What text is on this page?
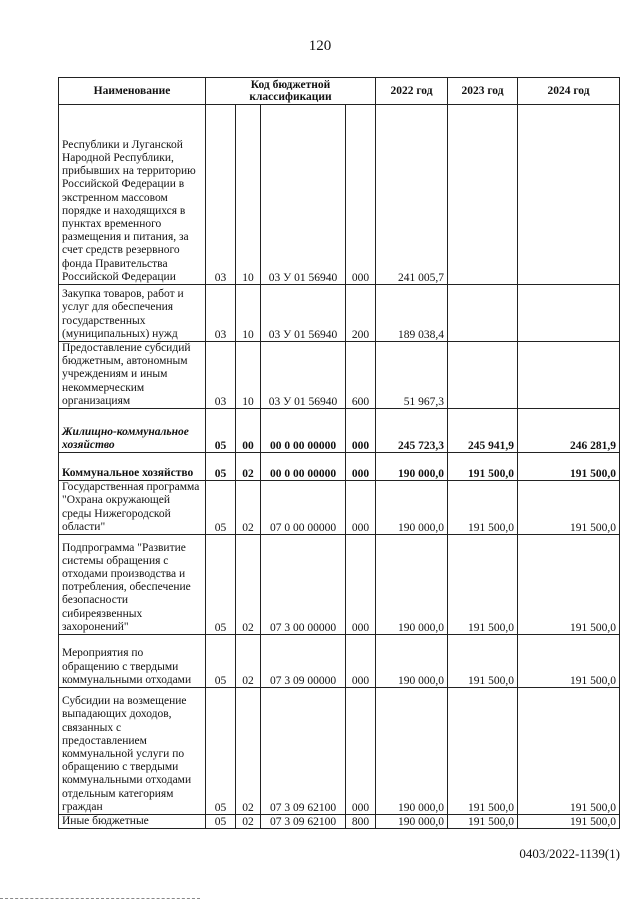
120
Наименование	Код бюджетной классификации				2022 год	2023 год	2024 год
Республики и Луганской Народной Республики, прибывших на территорию Российской Федерации в экстренном массовом порядке и находящихся в пунктах временного размещения и питания, за счет средств резервного фонда Правительства Российской Федерации	03	10	03 У 01 56940	000	241 005,7		
Закупка товаров, работ и услуг для обеспечения государственных (муниципальных) нужд	03	10	03 У 01 56940	200	189 038,4		
Предоставление субсидий бюджетным, автономным учреждениям и иным некоммерческим организациям	03	10	03 У 01 56940	600	51 967,3		
Жилищно-коммунальное хозяйство	05	00	00 0 00 00000	000	245 723,3	245 941,9	246 281,9
Коммунальное хозяйство	05	02	00 0 00 00000	000	190 000,0	191 500,0	191 500,0
Государственная программа "Охрана окружающей среды Нижегородской области"	05	02	07 0 00 00000	000	190 000,0	191 500,0	191 500,0
Подпрограмма "Развитие системы обращения с отходами производства и потребления, обеспечение безопасности сибиреязвенных захоронений"	05	02	07 3 00 00000	000	190 000,0	191 500,0	191 500,0
Мероприятия по обращению с твердыми коммунальными отходами	05	02	07 3 09 00000	000	190 000,0	191 500,0	191 500,0
Субсидии на возмещение выпадающих доходов, связанных с предоставлением коммунальной услуги по обращению с твердыми коммунальными отходами отдельным категориям граждан	05	02	07 3 09 62100	000	190 000,0	191 500,0	191 500,0
Иные бюджетные	05	02	07 3 09 62100	800	190 000,0	191 500,0	191 500,0
0403/2022-1139(1)
